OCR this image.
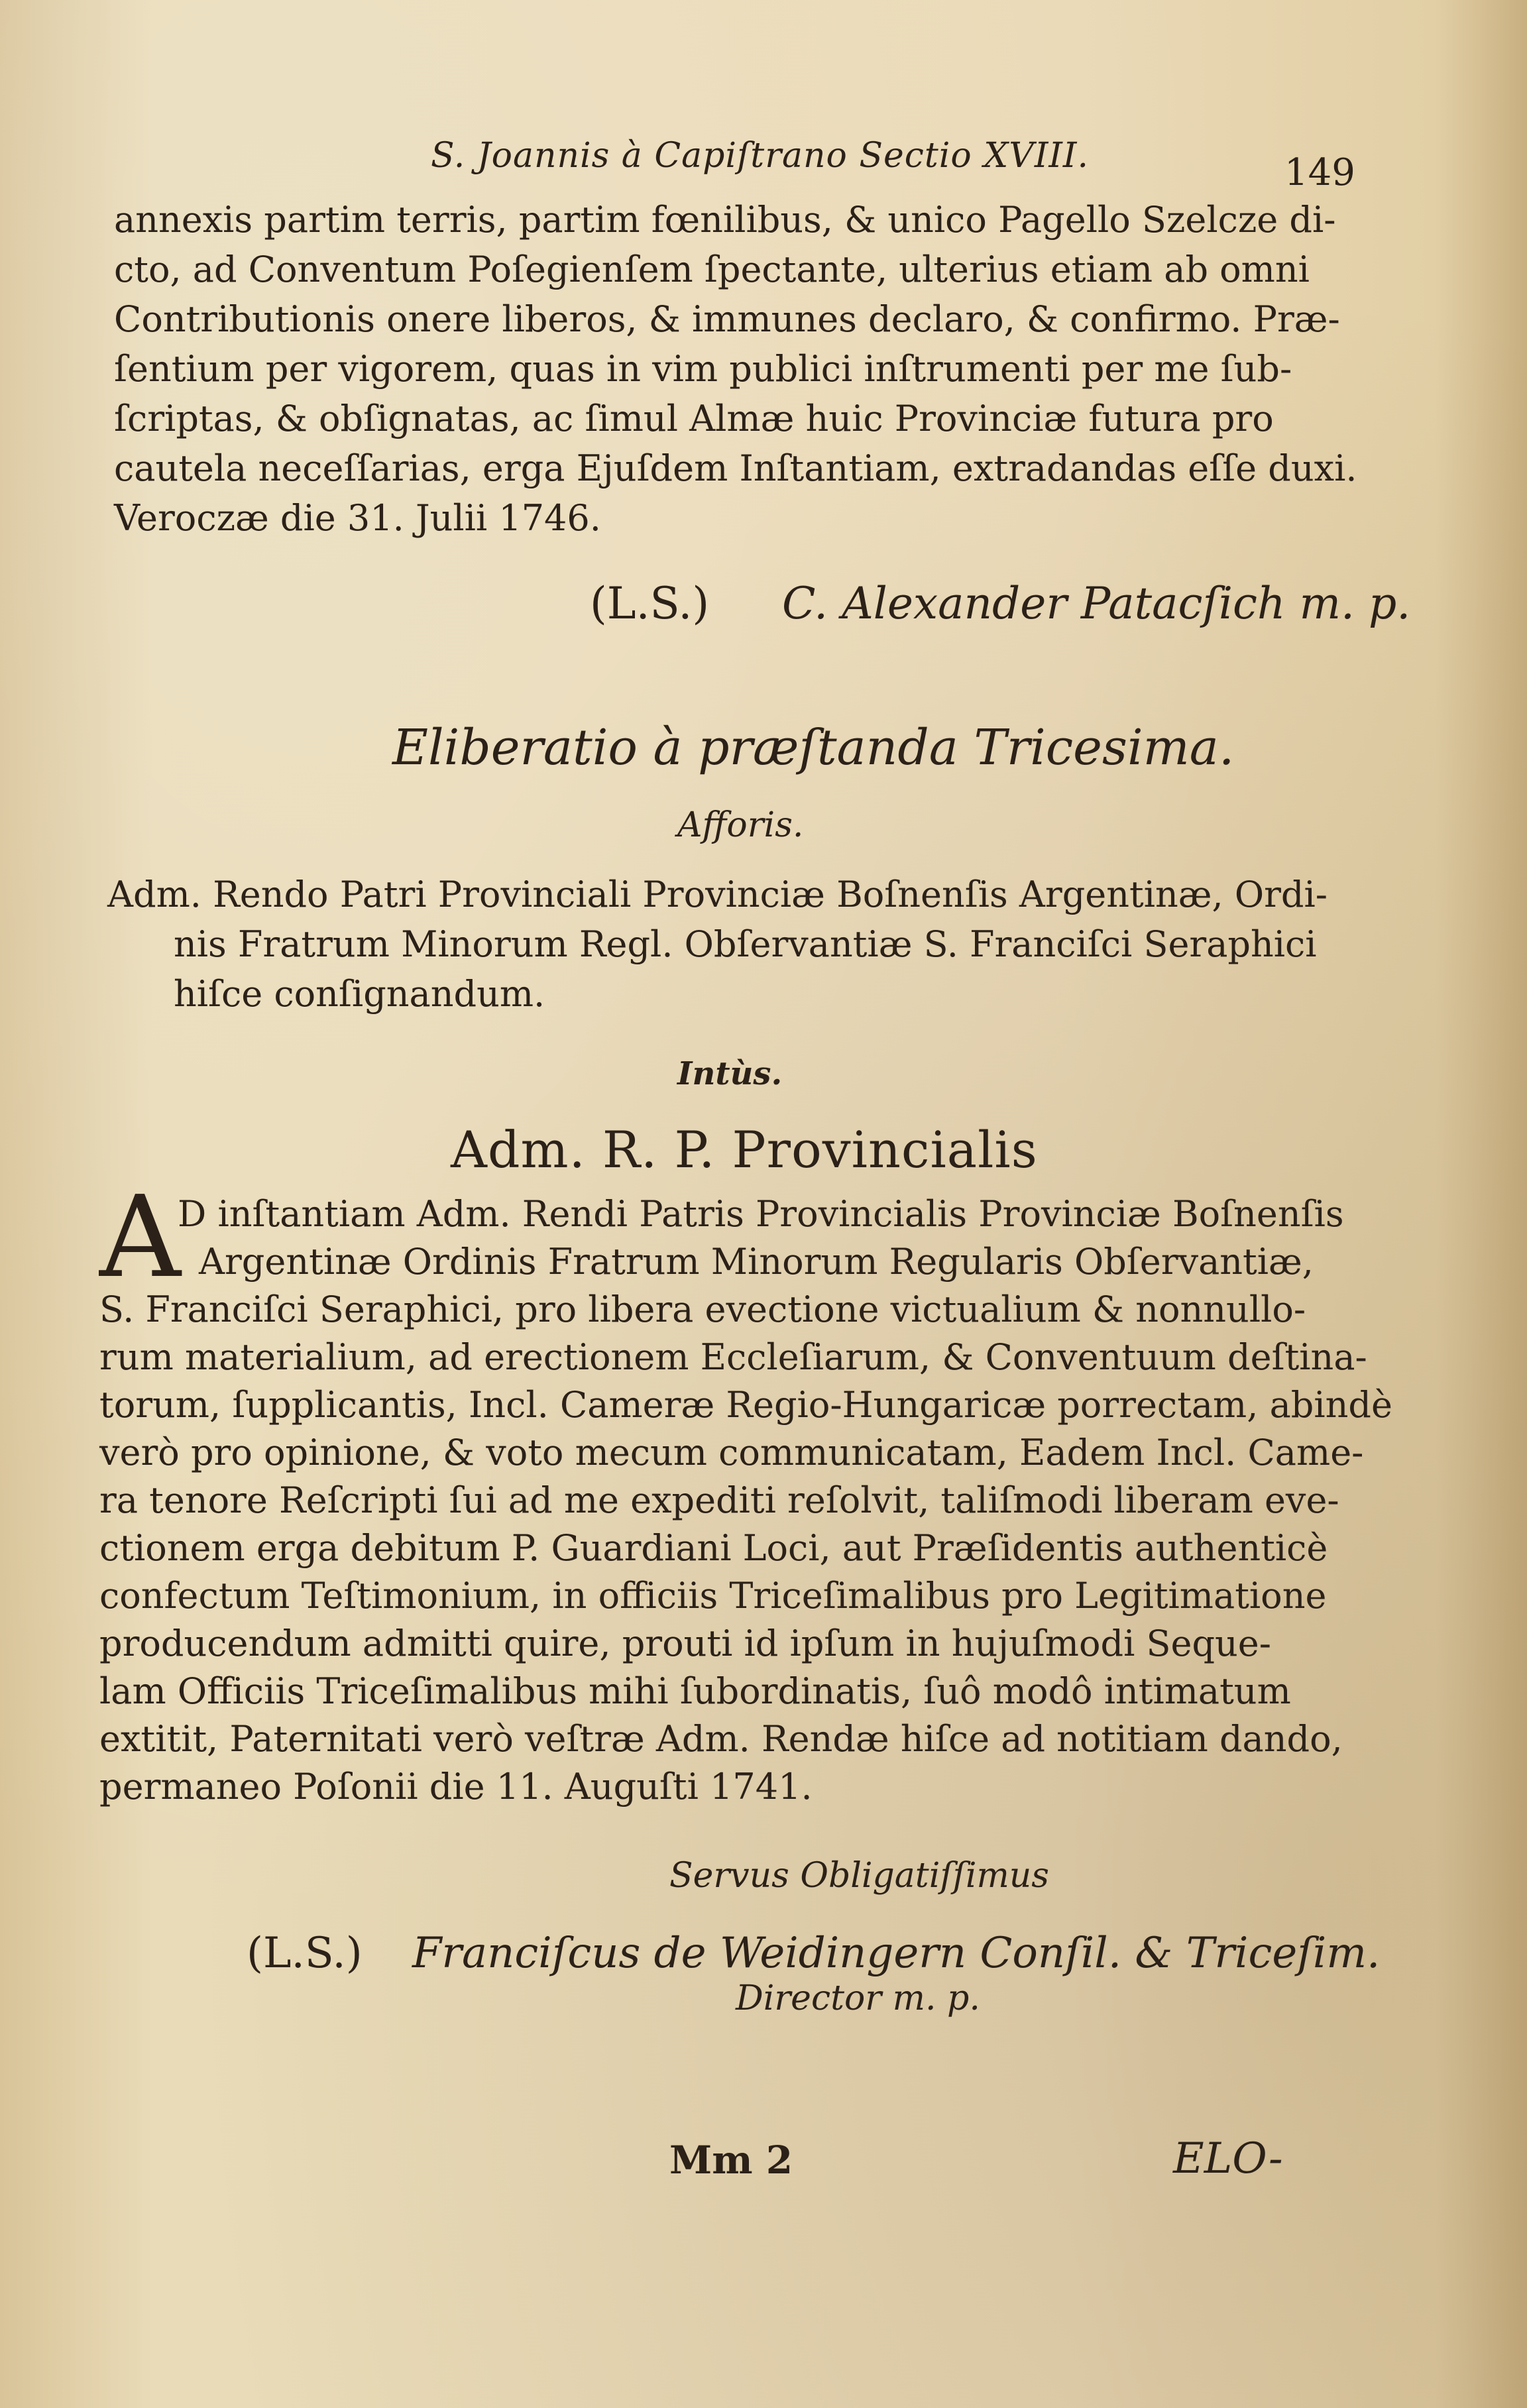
S. Joannis à Capiſtrano Sectio XVIII.	149
annexis partim terris, partim fœnilibus, & unico Pagello Szelcze di-
cto, ad Conventum Poſegienſem ſpectante, ulterius etiam ab omni
Contributionis onere liberos, & immunes declaro, & confirmo. Præ-
ſentium per vigorem, quas in vim publici inſtrumenti per me ſub-
ſcriptas, & obſignatas, ac ſimul Almæ huic Provinciæ futura pro
cautela neceſſarias, erga Ejuſdem Inſtantiam, extradandas eſſe duxi.
Veroczæ die 31. Julii 1746.
(L.S.) C. Alexander Patacſich m. p.
Eliberatio à præſtanda Tricesima.
Afforis.
Adm. Rendo Patri Provinciali Provinciæ Boſnenſis Argentinæ, Ordi-
nis Fratrum Minorum Regl. Obſervantiæ S. Franciſci Seraphici
hiſce conſignandum.
Intùs.
Adm. R. P. Provincialis
A
D inſtantiam Adm. Rendi Patris Provincialis Provinciæ Boſnenſis
Argentinæ Ordinis Fratrum Minorum Regularis Obſervantiæ,
S. Franciſci Seraphici, pro libera evectione victualium & nonnullo-
rum materialium, ad erectionem Eccleſiarum, & Conventuum deſtina-
torum, ſupplicantis, Incl. Cameræ Regio-Hungaricæ porrectam, abindè
verò pro opinione, & voto mecum communicatam, Eadem Incl. Came-
ra tenore Reſcripti ſui ad me expediti reſolvit, taliſmodi liberam eve-
ctionem erga debitum P. Guardiani Loci, aut Præſidentis authenticè
confectum Teſtimonium, in officiis Triceſimalibus pro Legitimatione
producendum admitti quire, prouti id ipſum in hujuſmodi Seque-
lam Officiis Triceſimalibus mihi ſubordinatis, ſuô modô intimatum
extitit, Paternitati verò veſtræ Adm. Rendæ hiſce ad notitiam dando,
permaneo Poſonii die 11. Auguſti 1741.
Servus Obligatiſſimus
(L.S.) Franciſcus de Weidingern Conſil. & Triceſim.
Director m. p.
Mm 2	ELO-
